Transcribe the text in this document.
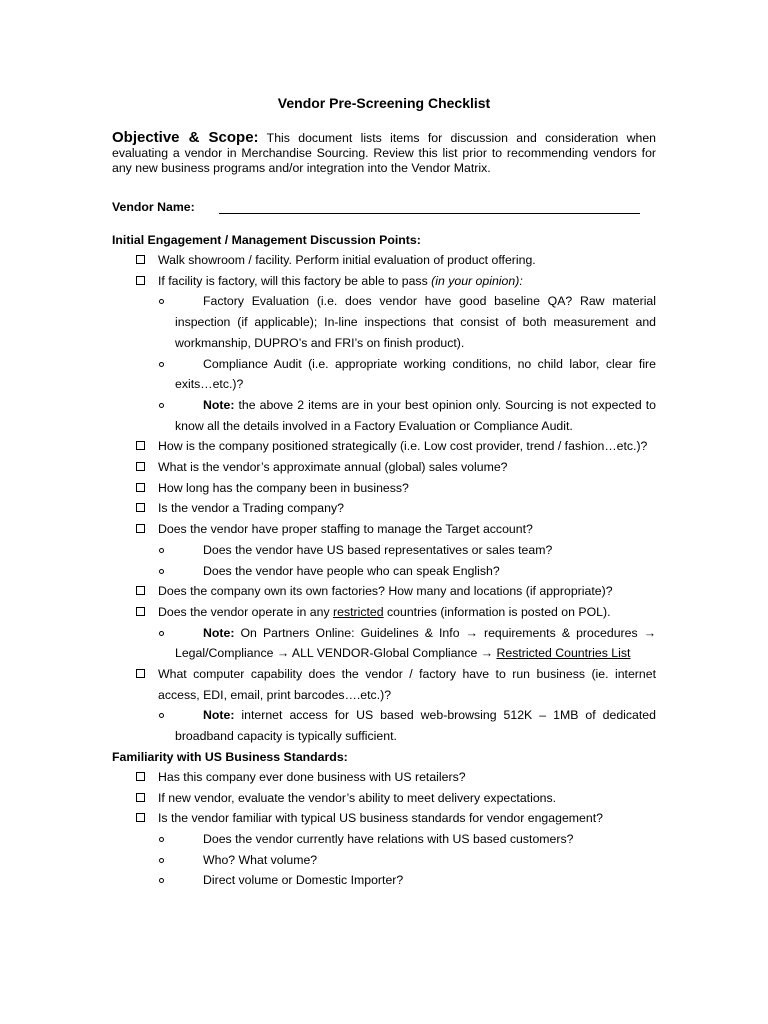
Vendor Pre-Screening Checklist

Objective & Scope: This document lists items for discussion and consideration when evaluating a vendor in Merchandise Sourcing. Review this list prior to recommending vendors for any new business programs and/or integration into the Vendor Matrix.

Vendor Name:

Initial Engagement / Management Discussion Points:

Walk showroom / facility. Perform initial evaluation of product offering.
If facility is factory, will this factory be able to pass (in your opinion):
Factory Evaluation (i.e. does vendor have good baseline QA? Raw material inspection (if applicable); In-line inspections that consist of both measurement and workmanship, DUPRO’s and FRI’s on finish product).
Compliance Audit (i.e. appropriate working conditions, no child labor, clear fire exits…etc.)?
Note: the above 2 items are in your best opinion only. Sourcing is not expected to know all the details involved in a Factory Evaluation or Compliance Audit.
How is the company positioned strategically (i.e. Low cost provider, trend / fashion…etc.)?
What is the vendor’s approximate annual (global) sales volume?
How long has the company been in business?
Is the vendor a Trading company?
Does the vendor have proper staffing to manage the Target account?
Does the vendor have US based representatives or sales team?
Does the vendor have people who can speak English?
Does the company own its own factories? How many and locations (if appropriate)?
Does the vendor operate in any restricted countries (information is posted on POL).
Note: On Partners Online: Guidelines & Info → requirements & procedures → Legal/Compliance → ALL VENDOR-Global Compliance → Restricted Countries List
What computer capability does the vendor / factory have to run business (ie. internet access, EDI, email, print barcodes….etc.)?
Note: internet access for US based web-browsing 512K – 1MB of dedicated broadband capacity is typically sufficient.

Familiarity with US Business Standards:

Has this company ever done business with US retailers?
If new vendor, evaluate the vendor’s ability to meet delivery expectations.
Is the vendor familiar with typical US business standards for vendor engagement?
Does the vendor currently have relations with US based customers?
Who? What volume?
Direct volume or Domestic Importer?
